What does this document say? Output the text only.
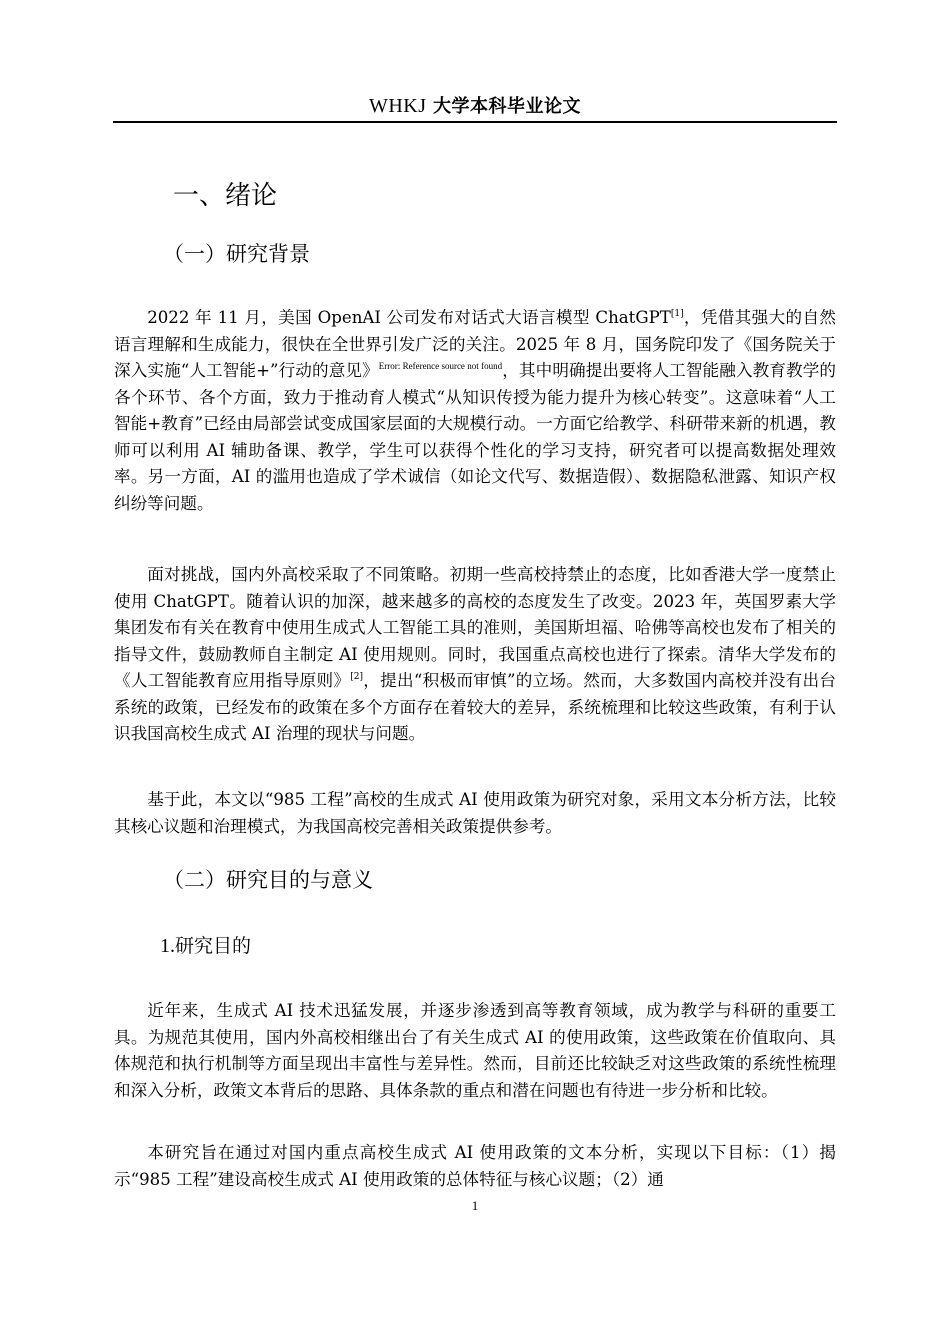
WHKJ 大学本科毕业论文
一、绪论
（一）研究背景
2022 年 11 月，美国 OpenAI 公司发布对话式大语言模型 ChatGPT[1]，凭借其强大的自然语言理解和生成能力，很快在全世界引发广泛的关注。2025 年 8 月，国务院印发了《国务院关于深入实施“人工智能+”行动的意见》$^{Error: Reference source not found}$，其中明确提出要将人工智能融入教育教学的各个环节、各个方面，致力于推动育人模式“从知识传授为能力提升为核心转变”。这意味着“人工智能+教育”已经由局部尝试变成国家层面的大规模行动。一方面它给教学、科研带来新的机遇，教师可以利用 AI 辅助备课、教学，学生可以获得个性化的学习支持，研究者可以提高数据处理效率。另一方面，AI 的滥用也造成了学术诚信（如论文代写、数据造假）、数据隐私泄露、知识产权纠纷等问题。
面对挑战，国内外高校采取了不同策略。初期一些高校持禁止的态度，比如香港大学一度禁止使用 ChatGPT。随着认识的加深，越来越多的高校的态度发生了改变。2023 年，英国罗素大学集团发布有关在教育中使用生成式人工智能工具的准则，美国斯坦福、哈佛等高校也发布了相关的指导文件，鼓励教师自主制定 AI 使用规则。同时，我国重点高校也进行了探索。清华大学发布的《人工智能教育应用指导原则》[2]，提出“积极而审慎”的立场。然而，大多数国内高校并没有出台系统的政策，已经发布的政策在多个方面存在着较大的差异，系统梳理和比较这些政策，有利于认识我国高校生成式 AI 治理的现状与问题。
基于此，本文以“985 工程”高校的生成式 AI 使用政策为研究对象，采用文本分析方法，比较其核心议题和治理模式，为我国高校完善相关政策提供参考。
（二）研究目的与意义
1.研究目的
近年来，生成式 AI 技术迅猛发展，并逐步渗透到高等教育领域，成为教学与科研的重要工具。为规范其使用，国内外高校相继出台了有关生成式 AI 的使用政策，这些政策在价值取向、具体规范和执行机制等方面呈现出丰富性与差异性。然而，目前还比较缺乏对这些政策的系统性梳理和深入分析，政策文本背后的思路、具体条款的重点和潜在问题也有待进一步分析和比较。
本研究旨在通过对国内重点高校生成式 AI 使用政策的文本分析，实现以下目标：（1）揭示“985 工程”建设高校生成式 AI 使用政策的总体特征与核心议题；（2）通
1
